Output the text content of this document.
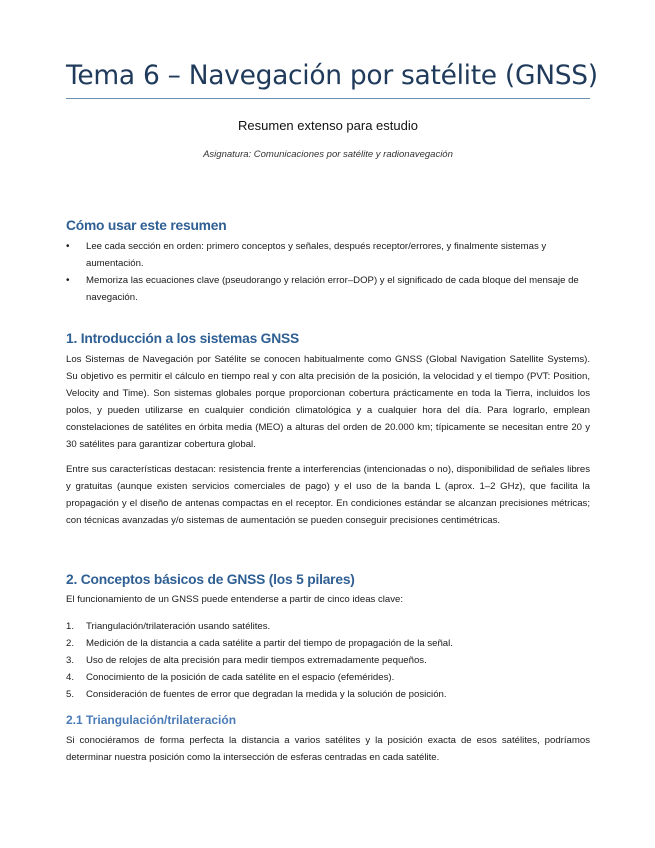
Tema 6 – Navegación por satélite (GNSS)
Resumen extenso para estudio
Asignatura: Comunicaciones por satélite y radionavegación
Cómo usar este resumen
• Lee cada sección en orden: primero conceptos y señales, después receptor/errores, y finalmente sistemas y aumentación.
• Memoriza las ecuaciones clave (pseudorango y relación error–DOP) y el significado de cada bloque del mensaje de navegación.
1. Introducción a los sistemas GNSS
Los Sistemas de Navegación por Satélite se conocen habitualmente como GNSS (Global Navigation Satellite Systems). Su objetivo es permitir el cálculo en tiempo real y con alta precisión de la posición, la velocidad y el tiempo (PVT: Position, Velocity and Time). Son sistemas globales porque proporcionan cobertura prácticamente en toda la Tierra, incluidos los polos, y pueden utilizarse en cualquier condición climatológica y a cualquier hora del día. Para lograrlo, emplean constelaciones de satélites en órbita media (MEO) a alturas del orden de 20.000 km; típicamente se necesitan entre 20 y 30 satélites para garantizar cobertura global.
Entre sus características destacan: resistencia frente a interferencias (intencionadas o no), disponibilidad de señales libres y gratuitas (aunque existen servicios comerciales de pago) y el uso de la banda L (aprox. 1–2 GHz), que facilita la propagación y el diseño de antenas compactas en el receptor. En condiciones estándar se alcanzan precisiones métricas; con técnicas avanzadas y/o sistemas de aumentación se pueden conseguir precisiones centimétricas.
2. Conceptos básicos de GNSS (los 5 pilares)
El funcionamiento de un GNSS puede entenderse a partir de cinco ideas clave:
1. Triangulación/trilateración usando satélites.
2. Medición de la distancia a cada satélite a partir del tiempo de propagación de la señal.
3. Uso de relojes de alta precisión para medir tiempos extremadamente pequeños.
4. Conocimiento de la posición de cada satélite en el espacio (efemérides).
5. Consideración de fuentes de error que degradan la medida y la solución de posición.
2.1 Triangulación/trilateración
Si conociéramos de forma perfecta la distancia a varios satélites y la posición exacta de esos satélites, podríamos determinar nuestra posición como la intersección de esferas centradas en cada satélite.
